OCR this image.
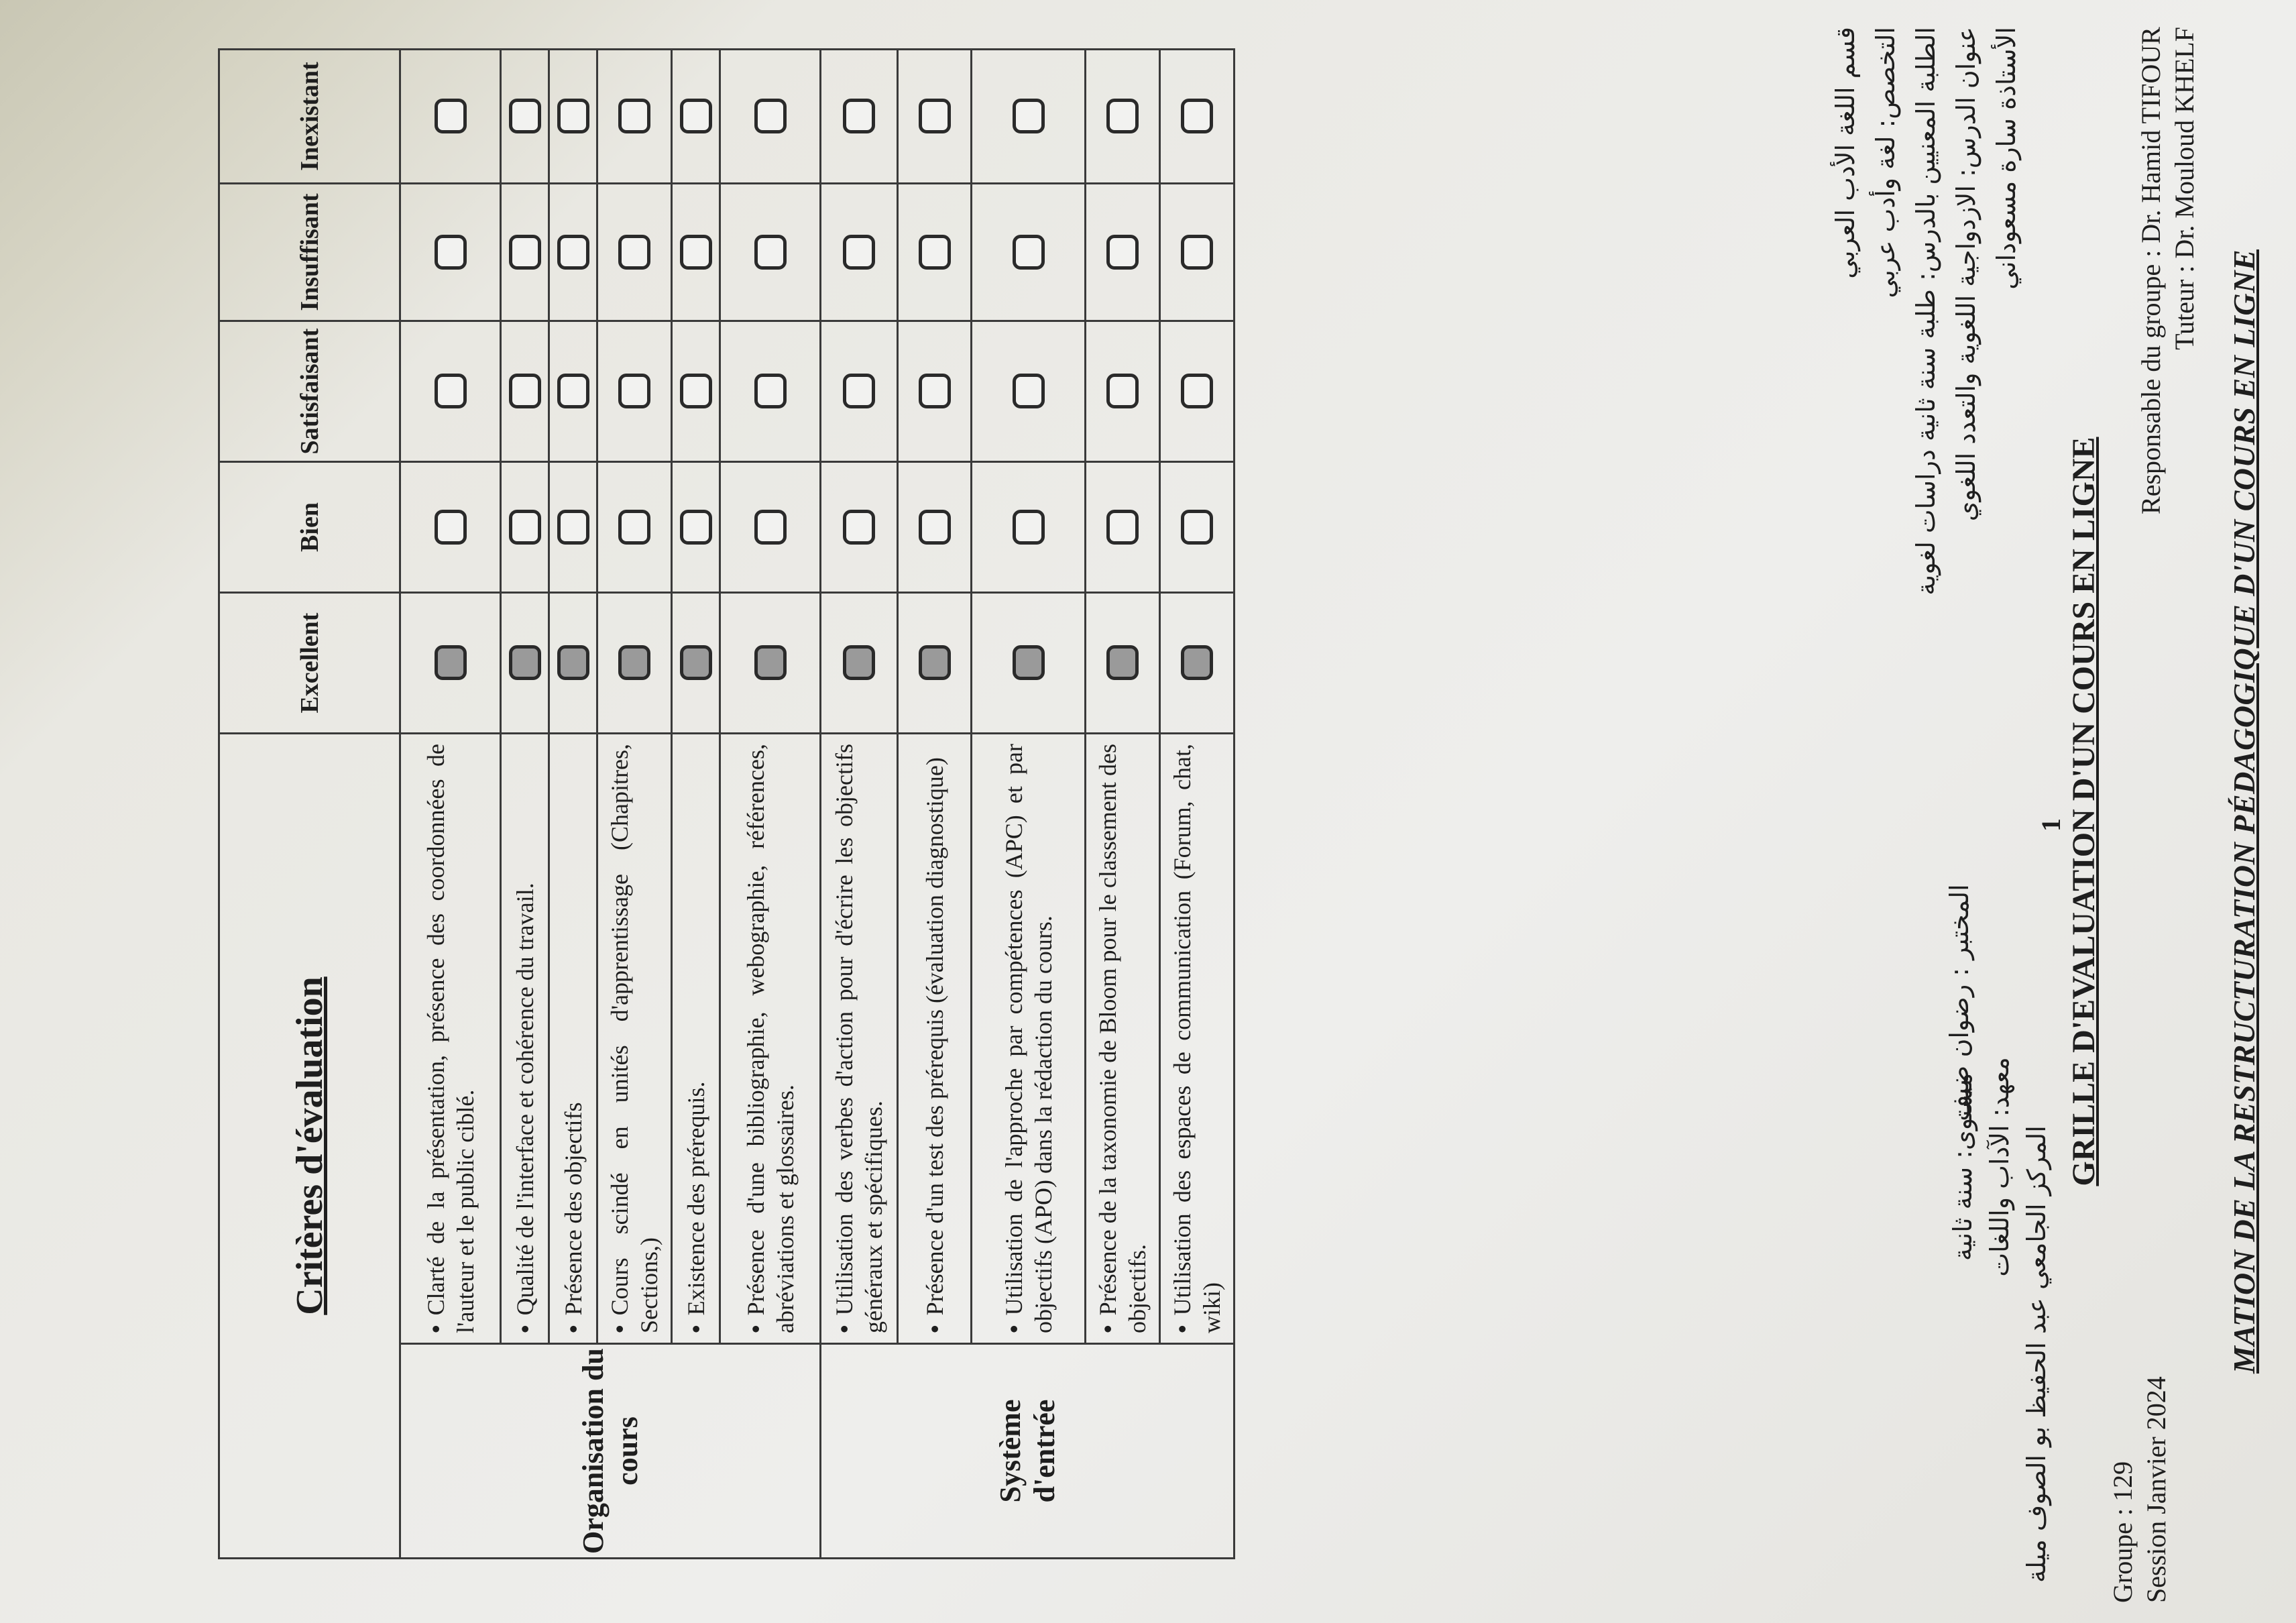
MATION DE LA RESTRUCTURATION PÉDAGOGIQUE D'UN COURS EN LIGNE
Session Janvier 2024
Groupe : 129
Tuteur : Dr. Mouloud KHELF
Responsable du groupe : Dr. Hamid TIFOUR
GRILLE D'EVALUATION D'UN COURS EN LIGNE
المختبر : رضوان ضيف
المركز الجامعي عبد الحفيظ بو الصوف ميلة
معهد: الآداب واللغات
مستوى: سنة ثانية
الأستاذة سارة مسعوداني
عنوان الدرس: الازدواجية اللغوية والتعدد اللغوي
الطلبة المعنيين بالدرس: طلبة سنة ثانية دراسات لغوية
التخصص: لغة وأدب عربي
قسم اللغة الأدب العربي
Critères d'évaluation		Excellent	Bien	Satisfaisant	Insuffisant	Inexistant
Organisation du cours	•Clarté de la présentation, présence des coordonnées de l'auteur et le public ciblé.					
	•Qualité de l'interface et cohérence du travail.					
	•Présence des objectifs					
	•Cours scindé en unités d'apprentissage (Chapitres, Sections,)					
	•Existence des prérequis.					
	•Présence d'une bibliographie, webographie, références, abréviations et glossaires.					
Système d'entrée	•Utilisation des verbes d'action pour d'écrire les objectifs généraux et spécifiques.					
	•Présence d'un test des prérequis (évaluation diagnostique)					
	•Utilisation de l'approche par compétences (APC) et par objectifs (APO) dans la rédaction du cours.					
	•Présence de la taxonomie de Bloom pour le classement des objectifs.					
	•Utilisation des espaces de communication (Forum, chat, wiki)					
1
